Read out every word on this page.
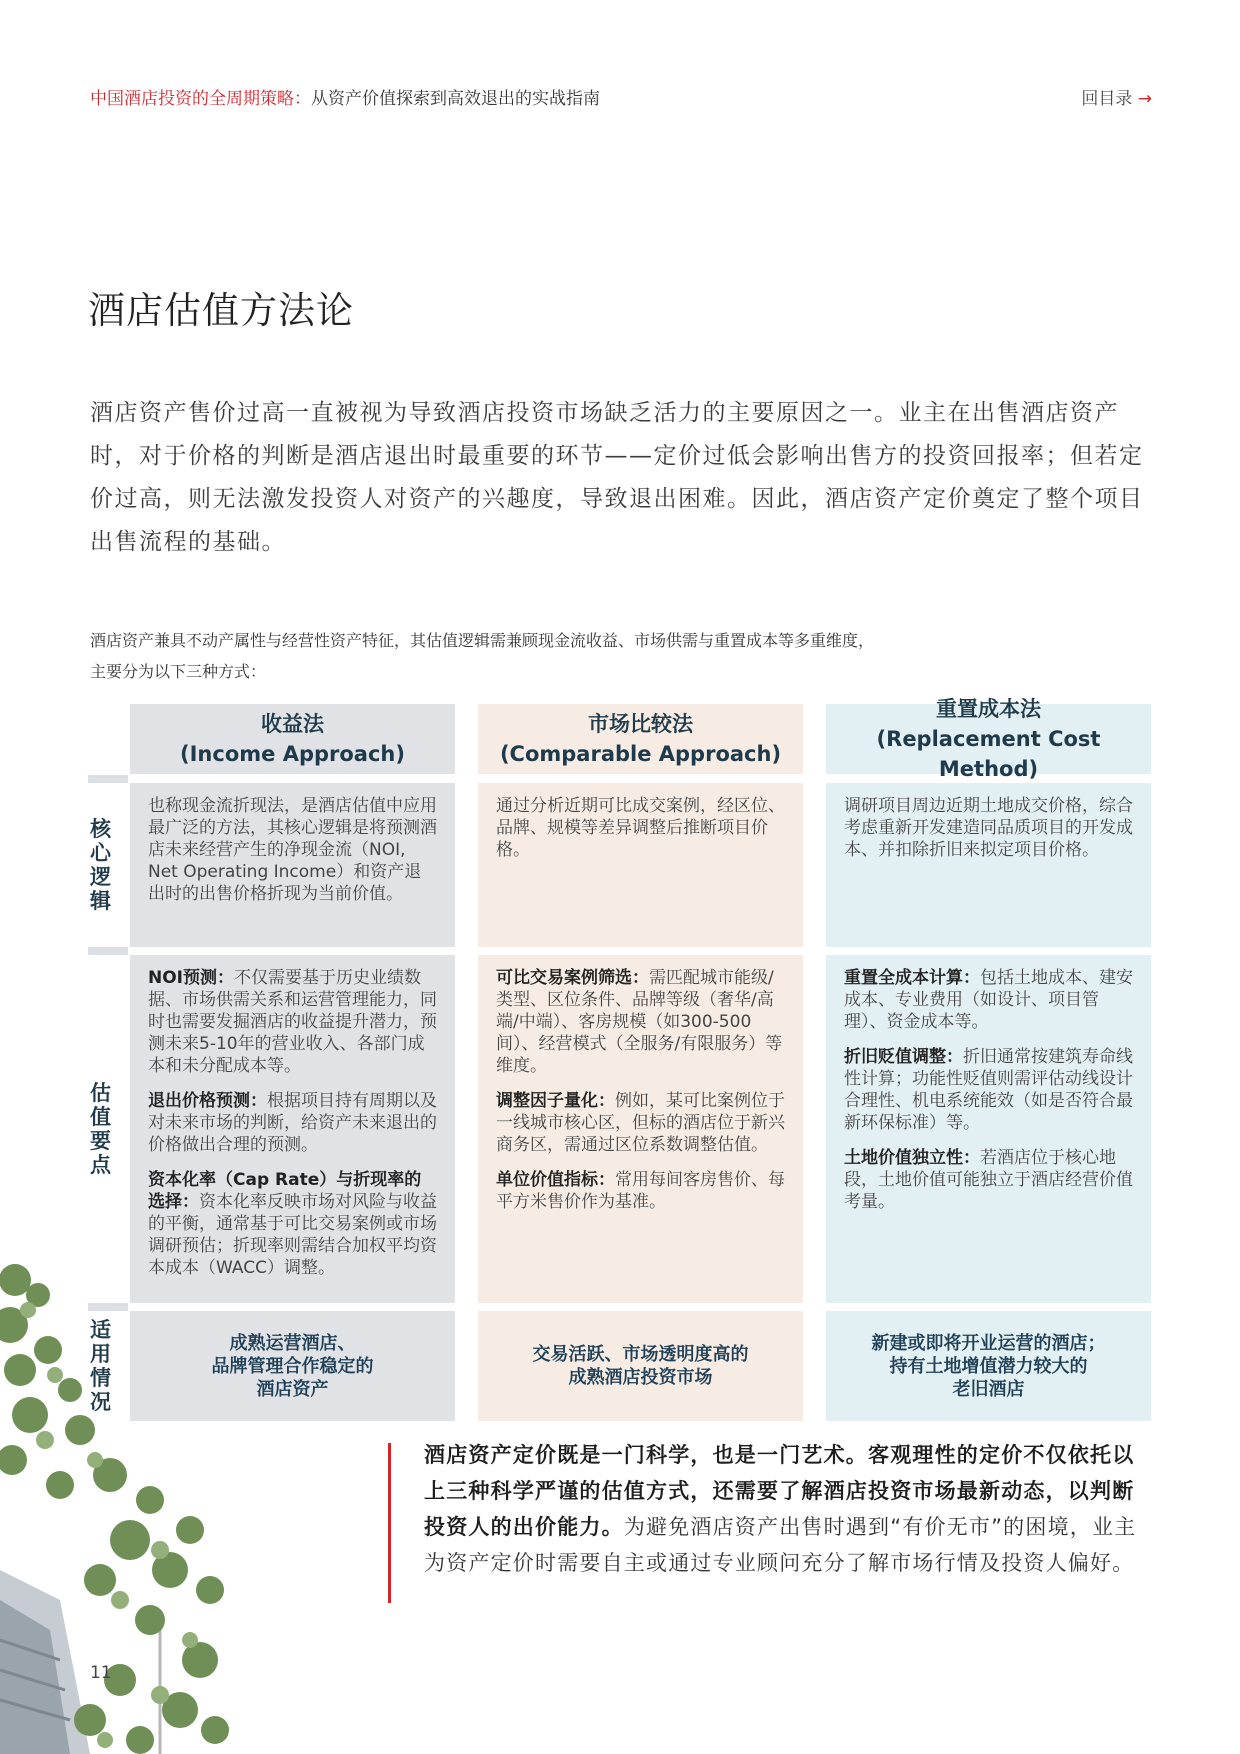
中国酒店投资的全周期策略：从资产价值探索到高效退出的实战指南	回目录 →
酒店估值方法论
酒店资产售价过高一直被视为导致酒店投资市场缺乏活力的主要原因之一。业主在出售酒店资产时，对于价格的判断是酒店退出时最重要的环节——定价过低会影响出售方的投资回报率；但若定价过高，则无法激发投资人对资产的兴趣度，导致退出困难。因此，酒店资产定价奠定了整个项目出售流程的基础。
酒店资产兼具不动产属性与经营性资产特征，其估值逻辑需兼顾现金流收益、市场供需与重置成本等多重维度，
主要分为以下三种方式：
收益法
(Income Approach)
市场比较法
(Comparable Approach)
重置成本法
(Replacement Cost Method)
核心逻辑
估值要点
适用情况
也称现金流折现法，是酒店估值中应用最广泛的方法，其核心逻辑是将预测酒店未来经营产生的净现金流（NOI, Net Operating Income）和资产退出时的出售价格折现为当前价值。
通过分析近期可比成交案例，经区位、品牌、规模等差异调整后推断项目价格。
调研项目周边近期土地成交价格，综合考虑重新开发建造同品质项目的开发成本、并扣除折旧来拟定项目价格。

NOI预测：不仅需要基于历史业绩数据、市场供需关系和运营管理能力，同时也需要发掘酒店的收益提升潜力，预测未来5-10年的营业收入、各部门成本和未分配成本等。

退出价格预测：根据项目持有周期以及对未来市场的判断，给资产未来退出的价格做出合理的预测。

资本化率（Cap Rate）与折现率的选择：资本化率反映市场对风险与收益的平衡，通常基于可比交易案例或市场调研预估；折现率则需结合加权平均资本成本（WACC）调整。

可比交易案例筛选：需匹配城市能级/类型、区位条件、品牌等级（奢华/高端/中端）、客房规模（如300-500间）、经营模式（全服务/有限服务）等维度。

调整因子量化：例如，某可比案例位于一线城市核心区，但标的酒店位于新兴商务区，需通过区位系数调整估值。

单位价值指标：常用每间客房售价、每平方米售价作为基准。

重置全成本计算：包括土地成本、建安成本、专业费用（如设计、项目管理）、资金成本等。

折旧贬值调整：折旧通常按建筑寿命线性计算；功能性贬值则需评估动线设计合理性、机电系统能效（如是否符合最新环保标准）等。

土地价值独立性：若酒店位于核心地段，土地价值可能独立于酒店经营价值考量。

成熟运营酒店、
品牌管理合作稳定的
酒店资产
交易活跃、市场透明度高的
成熟酒店投资市场
新建或即将开业运营的酒店；
持有土地增值潜力较大的
老旧酒店
酒店资产定价既是一门科学，也是一门艺术。客观理性的定价不仅依托以上三种科学严谨的估值方式，还需要了解酒店投资市场最新动态，以判断投资人的出价能力。为避免酒店资产出售时遇到“有价无市”的困境，业主为资产定价时需要自主或通过专业顾问充分了解市场行情及投资人偏好。
11
